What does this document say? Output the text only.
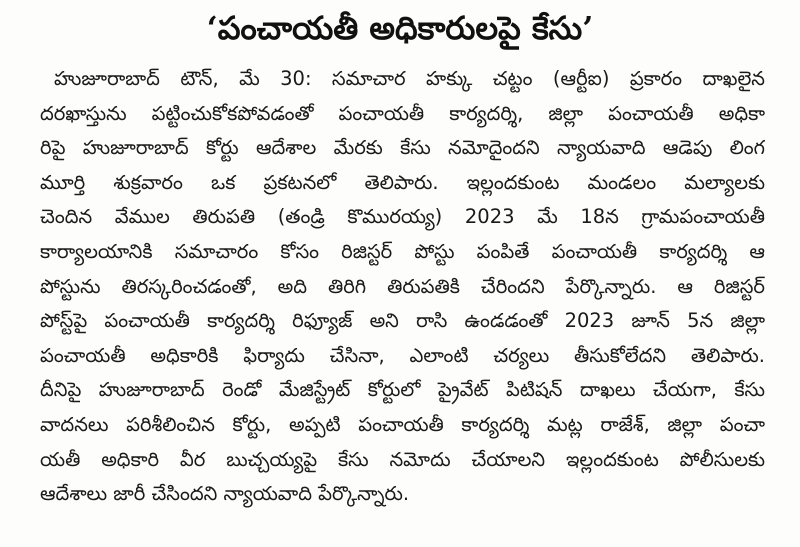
‘పంచాయతీ అధికారులపై కేసు’
హుజూరాబాద్ టౌన్, మే 30: సమాచార హక్కు చట్టం (ఆర్టీఐ) ప్రకారం దాఖలైన
దరఖాస్తును పట్టించుకోకపోవడంతో పంచాయతీ కార్యదర్శి, జిల్లా పంచాయతీ అధికా
రిపై హుజూరాబాద్ కోర్టు ఆదేశాల మేరకు కేసు నమోదైందని న్యాయవాది ఆడెపు లింగ
మూర్తి శుక్రవారం ఒక ప్రకటనలో తెలిపారు. ఇల్లందకుంట మండలం మల్యాలకు
చెందిన వేముల తిరుపతి (తండ్రి కొమురయ్య) 2023 మే 18న గ్రామపంచాయతీ
కార్యాలయానికి సమాచారం కోసం రిజిస్టర్ పోస్టు పంపితే పంచాయతీ కార్యదర్శి ఆ
పోస్టును తిరస్కరించడంతో, అది తిరిగి తిరుపతికి చేరిందని పేర్కొన్నారు. ఆ రిజిస్టర్
పోస్ట్‌పై పంచాయతీ కార్యదర్శి రిఫ్యూజ్ అని రాసి ఉండడంతో 2023 జూన్ 5న జిల్లా
పంచాయతీ అధికారికి ఫిర్యాదు చేసినా, ఎలాంటి చర్యలు తీసుకోలేదని తెలిపారు.
దీనిపై హుజూరాబాద్ రెండో మేజిస్ట్రేట్ కోర్టులో ప్రైవేట్ పిటిషన్ దాఖలు చేయగా, కేసు
వాదనలు పరిశీలించిన కోర్టు, అప్పటి పంచాయతీ కార్యదర్శి మట్ల రాజేశ్, జిల్లా పంచా
యతీ అధికారి వీర బుచ్చయ్యపై కేసు నమోదు చేయాలని ఇల్లందకుంట పోలీసులకు
ఆదేశాలు జారీ చేసిందని న్యాయవాది పేర్కొన్నారు.
